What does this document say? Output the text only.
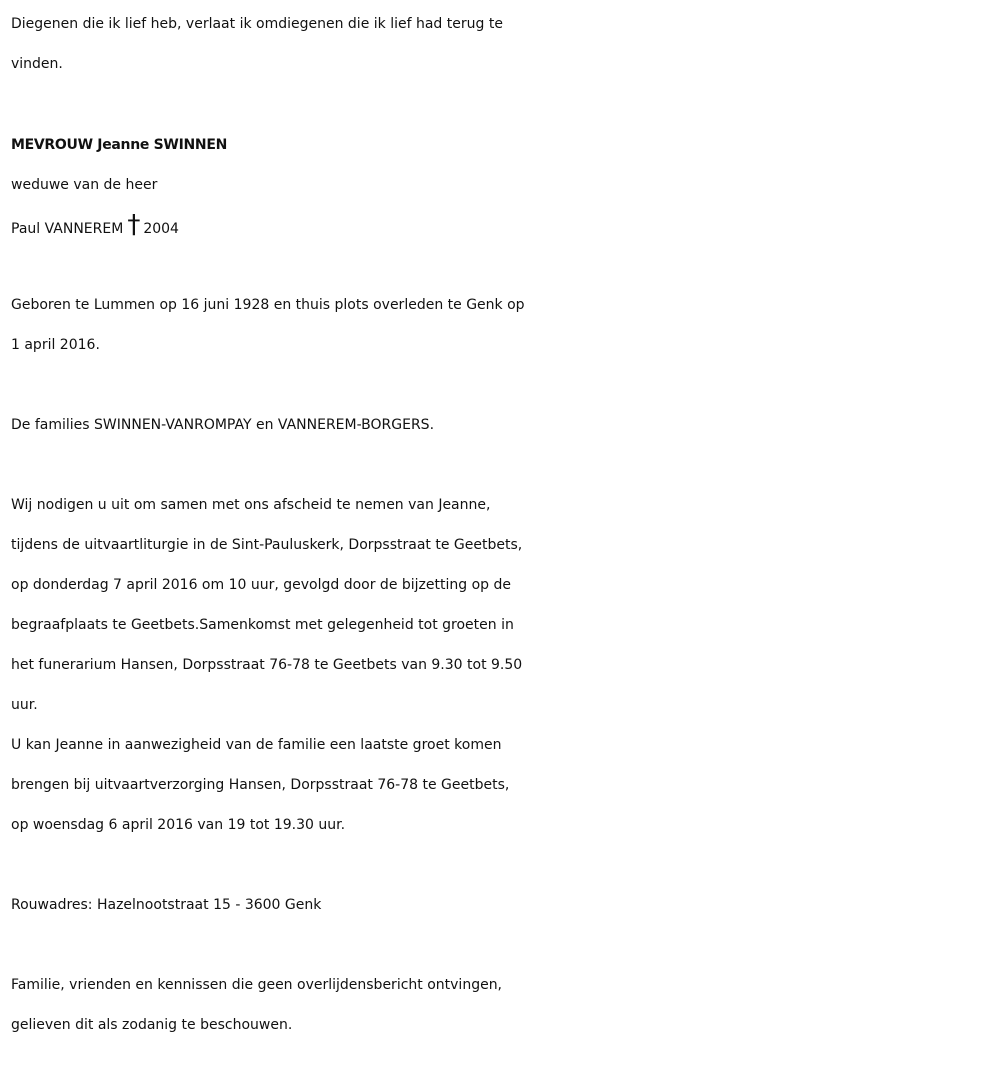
Diegenen die ik lief heb, verlaat ik omdiegenen die ik lief had terug te
vinden.
MEVROUW Jeanne SWINNEN
weduwe van de heer
Paul VANNEREM † 2004
Geboren te Lummen op 16 juni 1928 en thuis plots overleden te Genk op
1 april 2016.
De families SWINNEN-VANROMPAY en VANNEREM-BORGERS.
Wij nodigen u uit om samen met ons afscheid te nemen van Jeanne,
tijdens de uitvaartliturgie in de Sint-Pauluskerk, Dorpsstraat te Geetbets,
op donderdag 7 april 2016 om 10 uur, gevolgd door de bijzetting op de
begraafplaats te Geetbets.Samenkomst met gelegenheid tot groeten in
het funerarium Hansen, Dorpsstraat 76-78 te Geetbets van 9.30 tot 9.50
uur.
U kan Jeanne in aanwezigheid van de familie een laatste groet komen
brengen bij uitvaartverzorging Hansen, Dorpsstraat 76-78 te Geetbets,
op woensdag 6 april 2016 van 19 tot 19.30 uur.
Rouwadres: Hazelnootstraat 15 - 3600 Genk
Familie, vrienden en kennissen die geen overlijdensbericht ontvingen,
gelieven dit als zodanig te beschouwen.
